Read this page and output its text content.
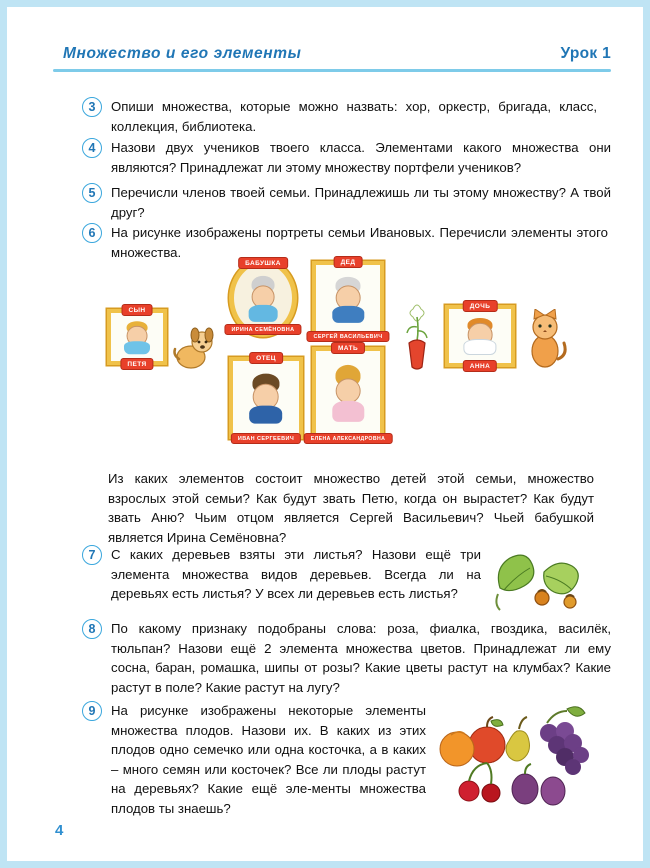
Множество и его элементы	Урок 1
3	Опиши множества, которые можно назвать: хор, оркестр, бригада, класс, коллекция, библиотека.
4	Назови двух учеников твоего класса. Элементами какого множества они являются? Принадлежат ли этому множеству портфели учеников?
5	Перечисли членов твоей семьи. Принадлежишь ли ты этому множеству? А твой друг?
6	На рисунке изображены портреты семьи Ивановых. Перечисли элементы этого множества.
СЫН
ПЕТЯ
БАБУШКА
ИРИНА СЕМЁНОВНА
ДЕД
СЕРГЕЙ ВАСИЛЬЕВИЧ
ДОЧЬ
АННА
ОТЕЦ
ИВАН СЕРГЕЕВИЧ
МАТЬ
ЕЛЕНА АЛЕКСАНДРОВНА
Из каких элементов состоит множество детей этой семьи, множество взрослых этой семьи? Как будут звать Петю, когда он вырастет? Как будут звать Аню? Чьим отцом является Сергей Васильевич? Чьей бабушкой является Ирина Семёновна?
7	С каких деревьев взяты эти листья? Назови ещё три элемента множества видов деревьев. Всегда ли на деревьях есть листья? У всех ли деревьев есть листья?
8	По какому признаку подобраны слова: роза, фиалка, гвоздика, василёк, тюльпан? Назови ещё 2 элемента множества цветов. Принадлежат ли ему сосна, баран, ромашка, шипы от розы? Какие цветы растут на клумбах? Какие растут в поле? Какие растут на лугу?
9	На рисунке изображены некоторые элементы множества плодов. Назови их. В каких из этих плодов одно семечко или одна косточка, а в каких – много семян или косточек? Все ли плоды растут на деревьях? Какие ещё эле-менты множества плодов ты знаешь?
4
